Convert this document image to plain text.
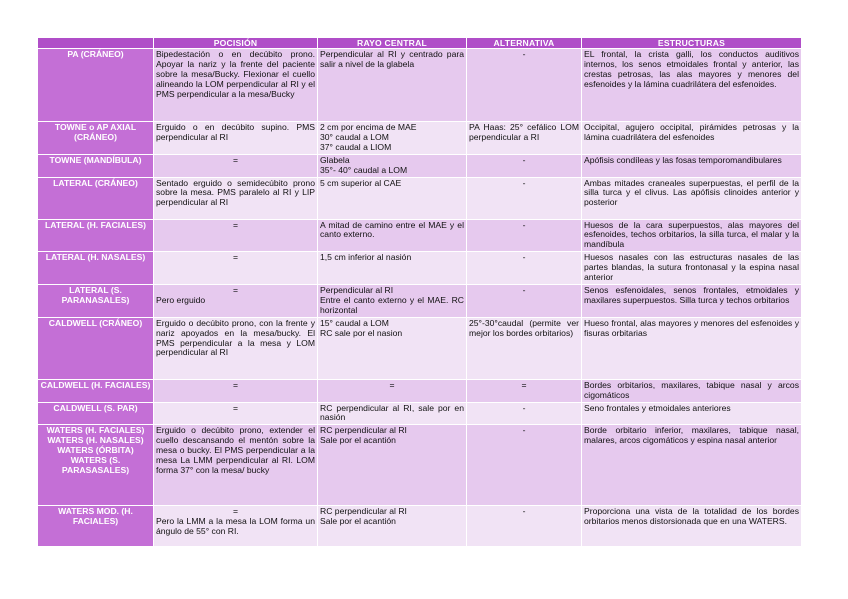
	POCISIÓN	RAYO CENTRAL	ALTERNATIVA	ESTRUCTURAS

PA (CRÁNEO)	Bipedestación o en decúbito prono. Apoyar la nariz y la frente del paciente sobre la mesa/Bucky. Flexionar el cuello alineando la LOM perpendicular al RI y el PMS perpendicular a la mesa/Bucky	Perpendicular al RI y centrado para salir a nivel de la glabela	-	EL frontal, la crista galli, los conductos auditivos internos, los senos etmoidales frontal y anterior, las crestas petrosas, las alas mayores y menores del esfenoides y la lámina cuadrilátera del esfenoides.

TOWNE o AP AXIAL (CRÁNEO)	Erguido o en decúbito supino. PMS perpendicular al RI	2 cm por encima de MAE
30° caudal a LOM
37° caudal a LIOM	PA Haas: 25° cefálico LOM perpendicular a RI	Occipital, agujero occipital, pirámides petrosas y la lámina cuadrilátera del esfenoides

TOWNE (MANDÍBULA)	=	Glabela
35°- 40° caudal a LOM	-	Apófisis condíleas y las fosas temporomandibulares

LATERAL (CRÁNEO)	Sentado erguido o semidecúbito prono sobre la mesa. PMS paralelo al RI y LIP perpendicular al RI	5 cm superior al CAE	-	Ambas mitades craneales superpuestas, el perfil de la silla turca y el clivus. Las apófisis clinoides anterior y posterior

LATERAL (H. FACIALES)	=	A mitad de camino entre el MAE y el canto externo.	-	Huesos de la cara superpuestos, alas mayores del esfenoides, techos orbitarios, la silla turca, el malar y la mandíbula

LATERAL (H. NASALES)	=	1,5 cm inferior al nasión	-	Huesos nasales con las estructuras nasales de las partes blandas, la sutura frontonasal y la espina nasal anterior

LATERAL (S. PARANASALES)	=
Pero erguido	Perpendicular al RI
Entre el canto externo y el MAE. RC horizontal	-	Senos esfenoidales, senos frontales, etmoidales y maxilares superpuestos. Silla turca y techos orbitarios

CALDWELL (CRÁNEO)	Erguido o decúbito prono, con la frente y nariz apoyados en la mesa/bucky. El PMS perpendicular a la mesa y LOM perpendicular al RI	15° caudal a LOM
RC sale por el nasion	25°-30°caudal (permite ver mejor los bordes orbitarios)	Hueso frontal, alas mayores y menores del esfenoides y fisuras orbitarias

CALDWELL (H. FACIALES)	=	=	=	Bordes orbitarios, maxilares, tabique nasal y arcos cigomáticos

CALDWELL (S. PAR)	=	RC perpendicular al RI, sale por en nasión	-	Seno frontales y etmoidales anteriores

WATERS (H. FACIALES)
WATERS (H. NASALES)
WATERS (ÓRBITA)
WATERS (S. PARASASALES)	Erguido o decúbito prono, extender el cuello descansando el mentón sobre la mesa o bucky. El PMS perpendicular a la mesa La LMM perpendicular al RI. LOM forma 37° con la mesa/ bucky	RC perpendicular al RI
Sale por el acantión	-	Borde orbitario inferior, maxilares, tabique nasal, malares, arcos cigomáticos y espina nasal anterior

WATERS MOD. (H. FACIALES)	=
Pero la LMM a la mesa la LOM forma un ángulo de 55° con RI.	RC perpendicular al RI
Sale por el acantión	-	Proporciona una vista de la totalidad de los bordes orbitarios menos distorsionada que en una WATERS.
